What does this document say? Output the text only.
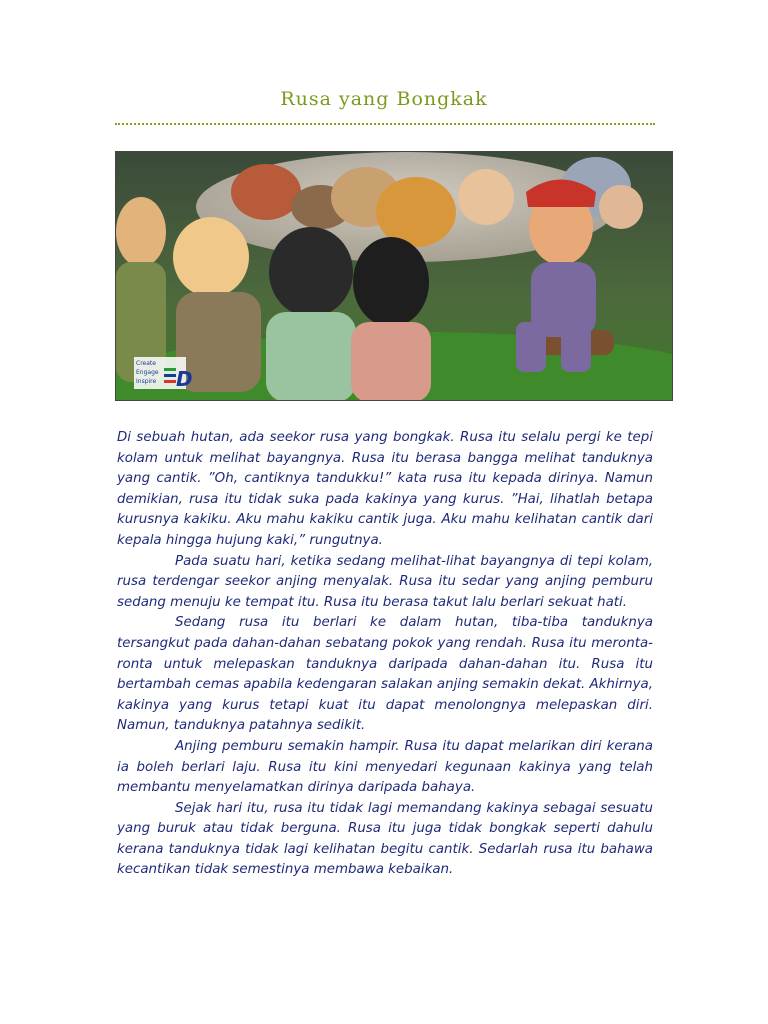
Rusa yang Bongkak
Create
Engage
Inspire D

Di sebuah hutan, ada seekor rusa yang bongkak. Rusa itu selalu pergi ke tepi kolam untuk melihat bayangnya. Rusa itu berasa bangga melihat tanduknya yang cantik. ”Oh, cantiknya tandukku!” kata rusa itu kepada dirinya. Namun demikian, rusa itu tidak suka pada kakinya yang kurus. ”Hai, lihatlah betapa kurusnya kakiku. Aku mahu kakiku cantik juga. Aku mahu kelihatan cantik dari kepala hingga hujung kaki,” rungutnya.

Pada suatu hari, ketika sedang melihat-lihat bayangnya di tepi kolam, rusa terdengar seekor anjing menyalak. Rusa itu sedar yang anjing pemburu sedang menuju ke tempat itu. Rusa itu berasa takut lalu berlari sekuat hati.

Sedang rusa itu berlari ke dalam hutan, tiba-tiba tanduknya tersangkut pada dahan-dahan sebatang pokok yang rendah. Rusa itu meronta-ronta untuk melepaskan tanduknya daripada dahan-dahan itu. Rusa itu bertambah cemas apabila kedengaran salakan anjing semakin dekat. Akhirnya, kakinya yang kurus tetapi kuat itu dapat menolongnya melepaskan diri. Namun, tanduknya patahnya sedikit.

Anjing pemburu semakin hampir. Rusa itu dapat melarikan diri kerana ia boleh berlari laju. Rusa itu kini menyedari kegunaan kakinya yang telah membantu menyelamatkan dirinya daripada bahaya.

Sejak hari itu, rusa itu tidak lagi memandang kakinya sebagai sesuatu yang buruk atau tidak berguna. Rusa itu juga tidak bongkak seperti dahulu kerana tanduknya tidak lagi kelihatan begitu cantik. Sedarlah rusa itu bahawa kecantikan tidak semestinya membawa kebaikan.
